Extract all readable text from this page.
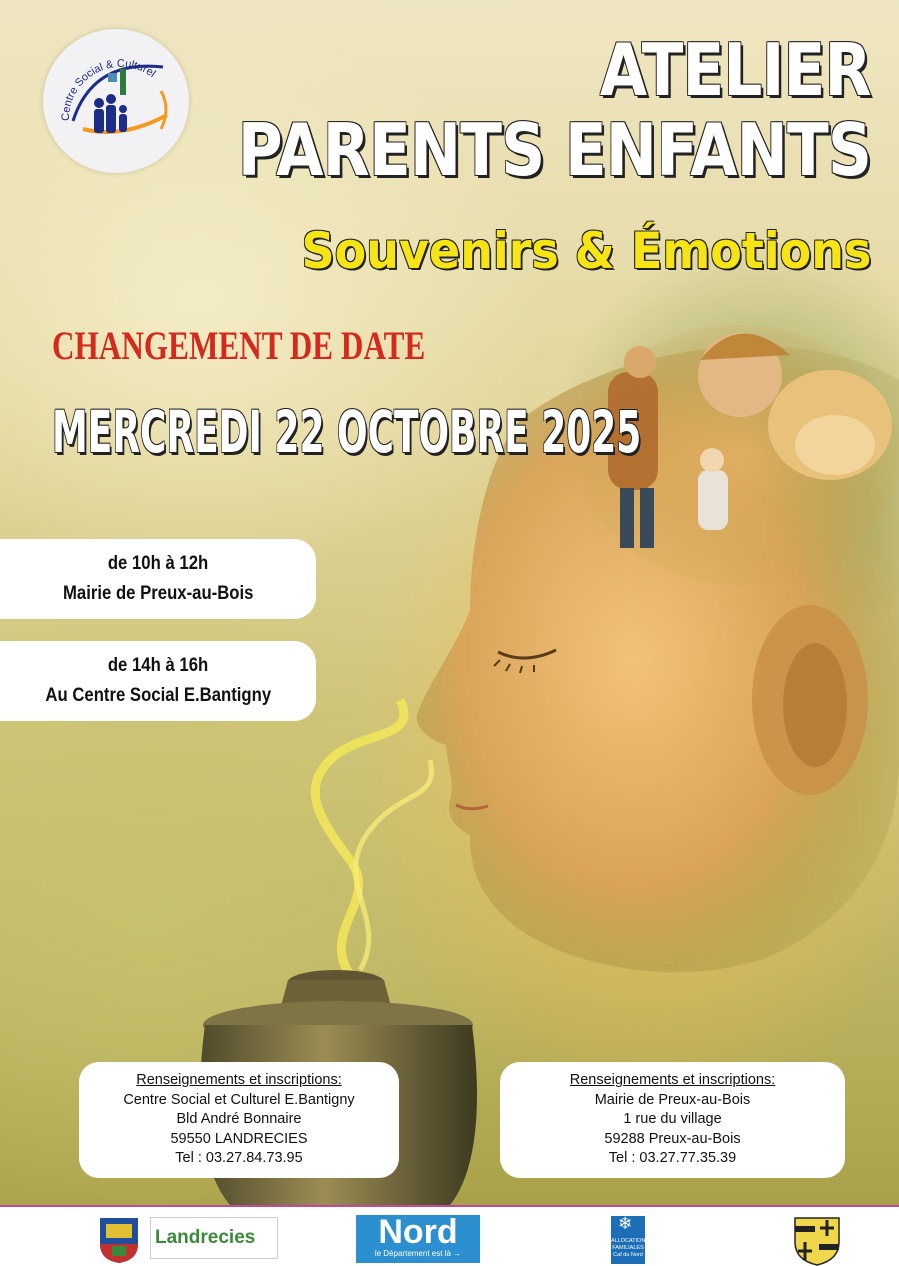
Centre Social & Culturel	ATELIER
PARENTS ENFANTS
Souvenirs & Émotions
CHANGEMENT DE DATE
MERCREDI 22 OCTOBRE 2025
de 10h à 12h
Mairie de Preux-au-Bois
de 14h à 16h
Au Centre Social E.Bantigny
Renseignements et inscriptions:
Centre Social et Culturel E.Bantigny
Bld André Bonnaire
59550 LANDRECIES
Tel : 03.27.84.73.95
Renseignements et inscriptions:
Mairie de Preux-au-Bois
1 rue du village
59288 Preux-au-Bois
Tel : 03.27.77.35.39
Landrecies	Nord
le Département est là →
❄
ALLOCATIONS FAMILIALES Caf du Nord
